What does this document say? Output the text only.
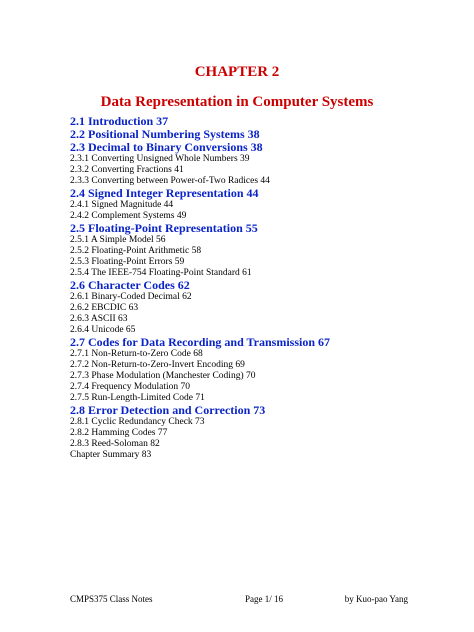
CHAPTER 2
Data Representation in Computer Systems
2.1 Introduction 37
2.2 Positional Numbering Systems 38
2.3 Decimal to Binary Conversions 38
2.3.1 Converting Unsigned Whole Numbers 39
2.3.2 Converting Fractions 41
2.3.3 Converting between Power-of-Two Radices 44
2.4 Signed Integer Representation 44
2.4.1 Signed Magnitude 44
2.4.2 Complement Systems 49
2.5 Floating-Point Representation 55
2.5.1 A Simple Model 56
2.5.2 Floating-Point Arithmetic 58
2.5.3 Floating-Point Errors 59
2.5.4 The IEEE-754 Floating-Point Standard 61
2.6 Character Codes 62
2.6.1 Binary-Coded Decimal 62
2.6.2 EBCDIC 63
2.6.3 ASCII 63
2.6.4 Unicode 65
2.7 Codes for Data Recording and Transmission 67
2.7.1 Non-Return-to-Zero Code 68
2.7.2 Non-Return-to-Zero-Invert Encoding 69
2.7.3 Phase Modulation (Manchester Coding) 70
2.7.4 Frequency Modulation 70
2.7.5 Run-Length-Limited Code 71
2.8 Error Detection and Correction 73
2.8.1 Cyclic Redundancy Check 73
2.8.2 Hamming Codes 77
2.8.3 Reed-Soloman 82
Chapter Summary 83
CMPS375 Class Notes	Page 1/ 16	by Kuo-pao Yang
